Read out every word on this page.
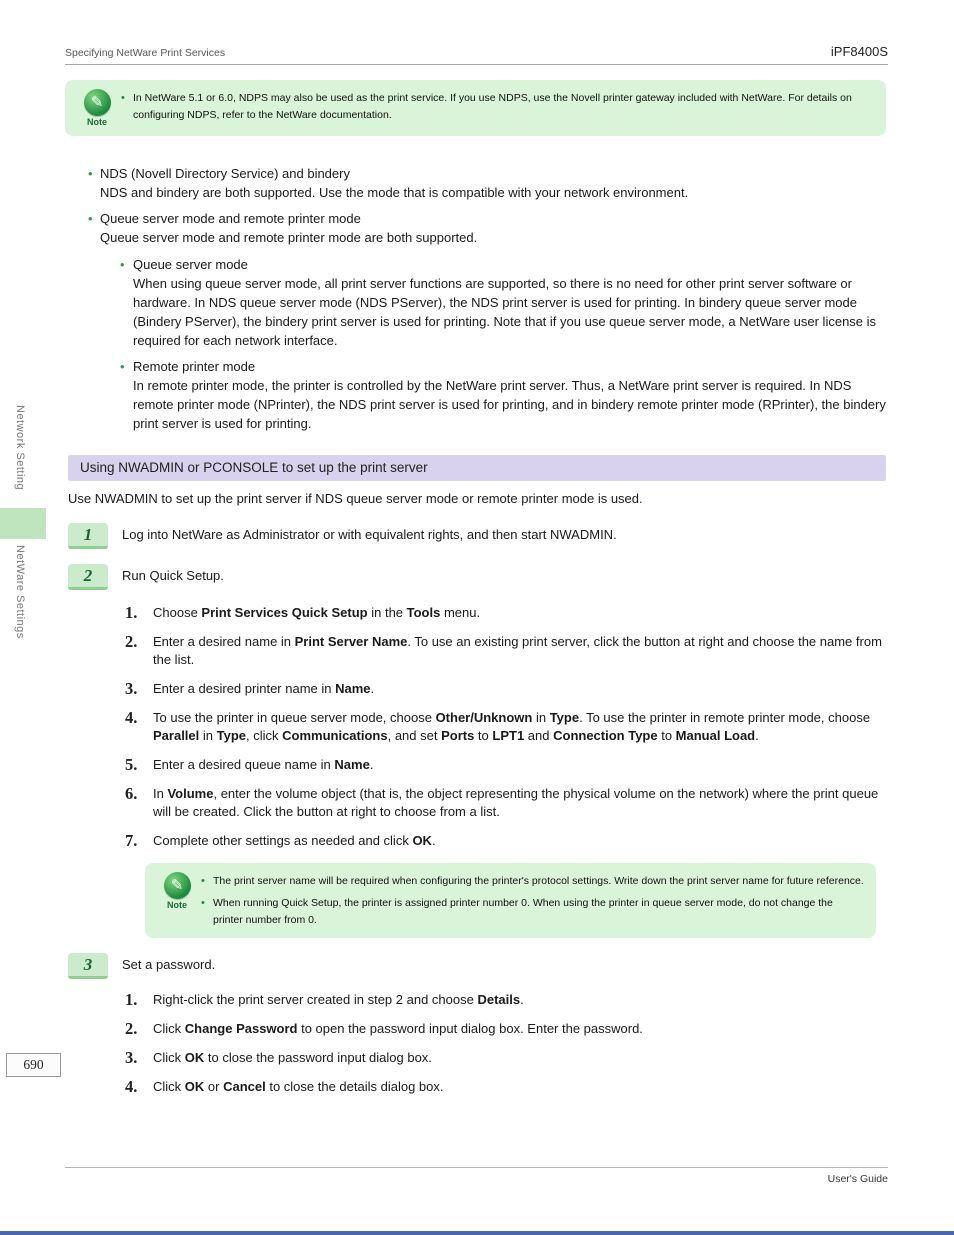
Network Setting
NetWare Settings
690
Specifying NetWare Print Services	iPF8400S
✎
Note
• In NetWare 5.1 or 6.0, NDPS may also be used as the print service. If you use NDPS, use the Novell printer gateway included with NetWare. For details on configuring NDPS, refer to the NetWare documentation.
• NDS (Novell Directory Service) and bindery
NDS and bindery are both supported. Use the mode that is compatible with your network environment.
• Queue server mode and remote printer mode
Queue server mode and remote printer mode are both supported.
• Queue server mode
When using queue server mode, all print server functions are supported, so there is no need for other print server software or hardware. In NDS queue server mode (NDS PServer), the NDS print server is used for printing. In bindery queue server mode (Bindery PServer), the bindery print server is used for printing. Note that if you use queue server mode, a NetWare user license is required for each network interface.
• Remote printer mode
In remote printer mode, the printer is controlled by the NetWare print server. Thus, a NetWare print server is required. In NDS remote printer mode (NPrinter), the NDS print server is used for printing, and in bindery remote printer mode (RPrinter), the bindery print server is used for printing.
Using NWADMIN or PCONSOLE to set up the print server
Use NWADMIN to set up the print server if NDS queue server mode or remote printer mode is used.
1	Log into NetWare as Administrator or with equivalent rights, and then start NWADMIN.
2	Run Quick Setup.
1.	Choose Print Services Quick Setup in the Tools menu.
2.	Enter a desired name in Print Server Name. To use an existing print server, click the button at right and choose the name from the list.
3.	Enter a desired printer name in Name.
4.	To use the printer in queue server mode, choose Other/Unknown in Type. To use the printer in remote printer mode, choose Parallel in Type, click Communications, and set Ports to LPT1 and Connection Type to Manual Load.
5.	Enter a desired queue name in Name.
6.	In Volume, enter the volume object (that is, the object representing the physical volume on the network) where the print queue will be created. Click the button at right to choose from a list.
7.	Complete other settings as needed and click OK.
✎
Note
• The print server name will be required when configuring the printer's protocol settings. Write down the print server name for future reference.
• When running Quick Setup, the printer is assigned printer number 0. When using the printer in queue server mode, do not change the printer number from 0.
3	Set a password.
1.	Right-click the print server created in step 2 and choose Details.
2.	Click Change Password to open the password input dialog box. Enter the password.
3.	Click OK to close the password input dialog box.
4.	Click OK or Cancel to close the details dialog box.
User's Guide
